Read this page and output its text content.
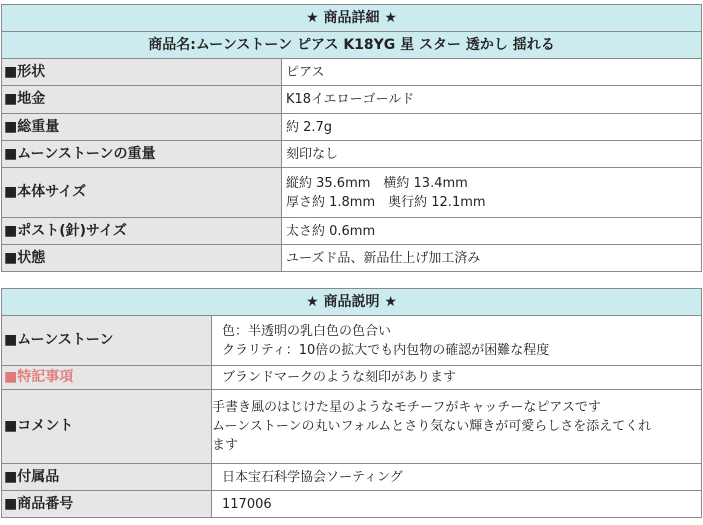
★ 商品詳細 ★	
商品名:ムーンストーン ピアス K18YG 星 スター 透かし 揺れる	
■形状	ピアス
■地金	K18イエローゴールド
■総重量	約 2.7g
■ムーンストーンの重量	刻印なし
■本体サイズ	縦約 35.6mm　横約 13.4mm
厚さ約 1.8mm　奥行約 12.1mm

■ポスト(針)サイズ	太さ約 0.6mm
■状態	ユーズド品、新品仕上げ加工済み
★ 商品説明 ★	
■ムーンストーン	色：半透明の乳白色の色合い
クラリティ：10倍の拡大でも内包物の確認が困難な程度

■特記事項	ブランドマークのような刻印があります
■コメント	手書き風のはじけた星のようなモチーフがキャッチーなピアスです
ムーンストーンの丸いフォルムとさり気ない輝きが可愛らしさを添えてくれ
ます

■付属品	日本宝石科学協会ソーティング
■商品番号	117006
